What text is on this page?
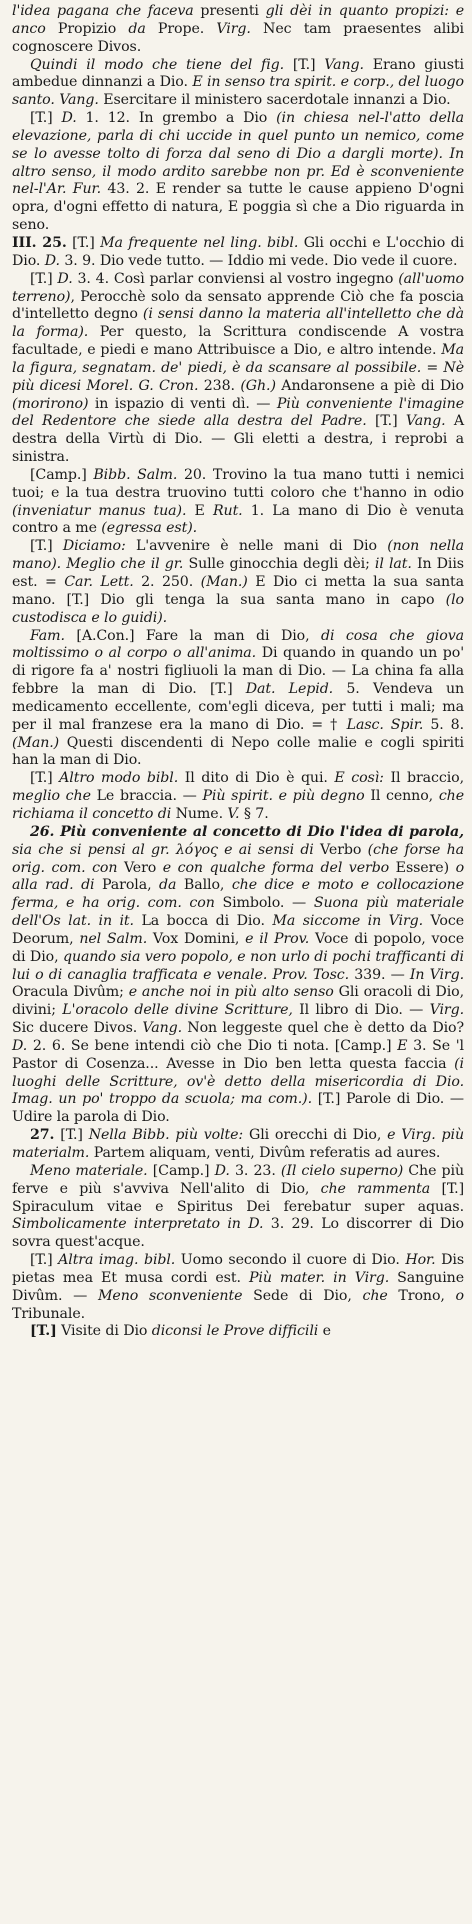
l'idea pagana che faceva presenti gli dèi in quanto propizi: e anco Propizio da Prope. Virg. Nec tam praesentes alibi cognoscere Divos.

Quindi il modo che tiene del fig. [T.] Vang. Erano giusti ambedue dinnanzi a Dio. E in senso tra spirit. e corp., del luogo santo. Vang. Esercitare il ministero sacerdotale innanzi a Dio.

[T.] D. 1. 12. In grembo a Dio (in chiesa nel-l'atto della elevazione, parla di chi uccide in quel punto un nemico, come se lo avesse tolto di forza dal seno di Dio a dargli morte). In altro senso, il modo ardito sarebbe non pr. Ed è sconveniente nel-l'Ar. Fur. 43. 2. E render sa tutte le cause appieno D'ogni opra, d'ogni effetto di natura, E poggia sì che a Dio riguarda in seno.

III. 25. [T.] Ma frequente nel ling. bibl. Gli occhi e L'occhio di Dio. D. 3. 9. Dio vede tutto. — Iddio mi vede. Dio vede il cuore.

[T.] D. 3. 4. Così parlar conviensi al vostro ingegno (all'uomo terreno), Perocchè solo da sensato apprende Ciò che fa poscia d'intelletto degno (i sensi danno la materia all'intelletto che dà la forma). Per questo, la Scrittura condiscende A vostra facultade, e piedi e mano Attribuisce a Dio, e altro intende. Ma la figura, segnatam. de' piedi, è da scansare al possibile. = Nè più dicesi Morel. G. Cron. 238. (Gh.) Andaronsene a piè di Dio (morirono) in ispazio di venti dì. — Più conveniente l'imagine del Redentore che siede alla destra del Padre. [T.] Vang. A destra della Virtù di Dio. — Gli eletti a destra, i reprobi a sinistra.

[Camp.] Bibb. Salm. 20. Trovino la tua mano tutti i nemici tuoi; e la tua destra truovino tutti coloro che t'hanno in odio (inveniatur manus tua). E Rut. 1. La mano di Dio è venuta contro a me (egressa est).

[T.] Diciamo: L'avvenire è nelle mani di Dio (non nella mano). Meglio che il gr. Sulle ginocchia degli dèi; il lat. In Diis est. = Car. Lett. 2. 250. (Man.) E Dio ci metta la sua santa mano. [T.] Dio gli tenga la sua santa mano in capo (lo custodisca e lo guidi).

Fam. [A.Con.] Fare la man di Dio, di cosa che giova moltissimo o al corpo o all'anima. Di quando in quando un po' di rigore fa a' nostri figliuoli la man di Dio. — La china fa alla febbre la man di Dio. [T.] Dat. Lepid. 5. Vendeva un medicamento eccellente, com'egli diceva, per tutti i mali; ma per il mal franzese era la mano di Dio. = † Lasc. Spir. 5. 8. (Man.) Questi discendenti di Nepo colle malie e cogli spiriti han la man di Dio.

[T.] Altro modo bibl. Il dito di Dio è qui. E così: Il braccio, meglio che Le braccia. — Più spirit. e più degno Il cenno, che richiama il concetto di Nume. V. § 7.

26. Più conveniente al concetto di Dio l'idea di parola, sia che si pensi al gr. λόγος e ai sensi di Verbo (che forse ha orig. com. con Vero e con qualche forma del verbo Essere) o alla rad. di Parola, da Ballo, che dice e moto e collocazione ferma, e ha orig. com. con Simbolo. — Suona più materiale dell'Os lat. in it. La bocca di Dio. Ma siccome in Virg. Voce Deorum, nel Salm. Vox Domini, e il Prov. Voce di popolo, voce di Dio, quando sia vero popolo, e non urlo di pochi trafficanti di lui o di canaglia trafficata e venale. Prov. Tosc. 339. — In Virg. Oracula Divûm; e anche noi in più alto senso Gli oracoli di Dio, divini; L'oracolo delle divine Scritture, Il libro di Dio. — Virg. Sic ducere Divos. Vang. Non leggeste quel che è detto da Dio? D. 2. 6. Se bene intendi ciò che Dio ti nota. [Camp.] E 3. Se 'l Pastor di Cosenza... Avesse in Dio ben letta questa faccia (i luoghi delle Scritture, ov'è detto della misericordia di Dio. Imag. un po' troppo da scuola; ma com.). [T.] Parole di Dio. — Udire la parola di Dio.

27. [T.] Nella Bibb. più volte: Gli orecchi di Dio, e Virg. più materialm. Partem aliquam, venti, Divûm referatis ad aures.

Meno materiale. [Camp.] D. 3. 23. (Il cielo superno) Che più ferve e più s'avviva Nell'alito di Dio, che rammenta [T.] Spiraculum vitae e Spiritus Dei ferebatur super aquas. Simbolicamente interpretato in D. 3. 29. Lo discorrer di Dio sovra quest'acque.

[T.] Altra imag. bibl. Uomo secondo il cuore di Dio. Hor. Dis pietas mea Et musa cordi est. Più mater. in Virg. Sanguine Divûm. — Meno sconveniente Sede di Dio, che Trono, o Tribunale.

[T.] Visite di Dio diconsi le Prove difficili e
